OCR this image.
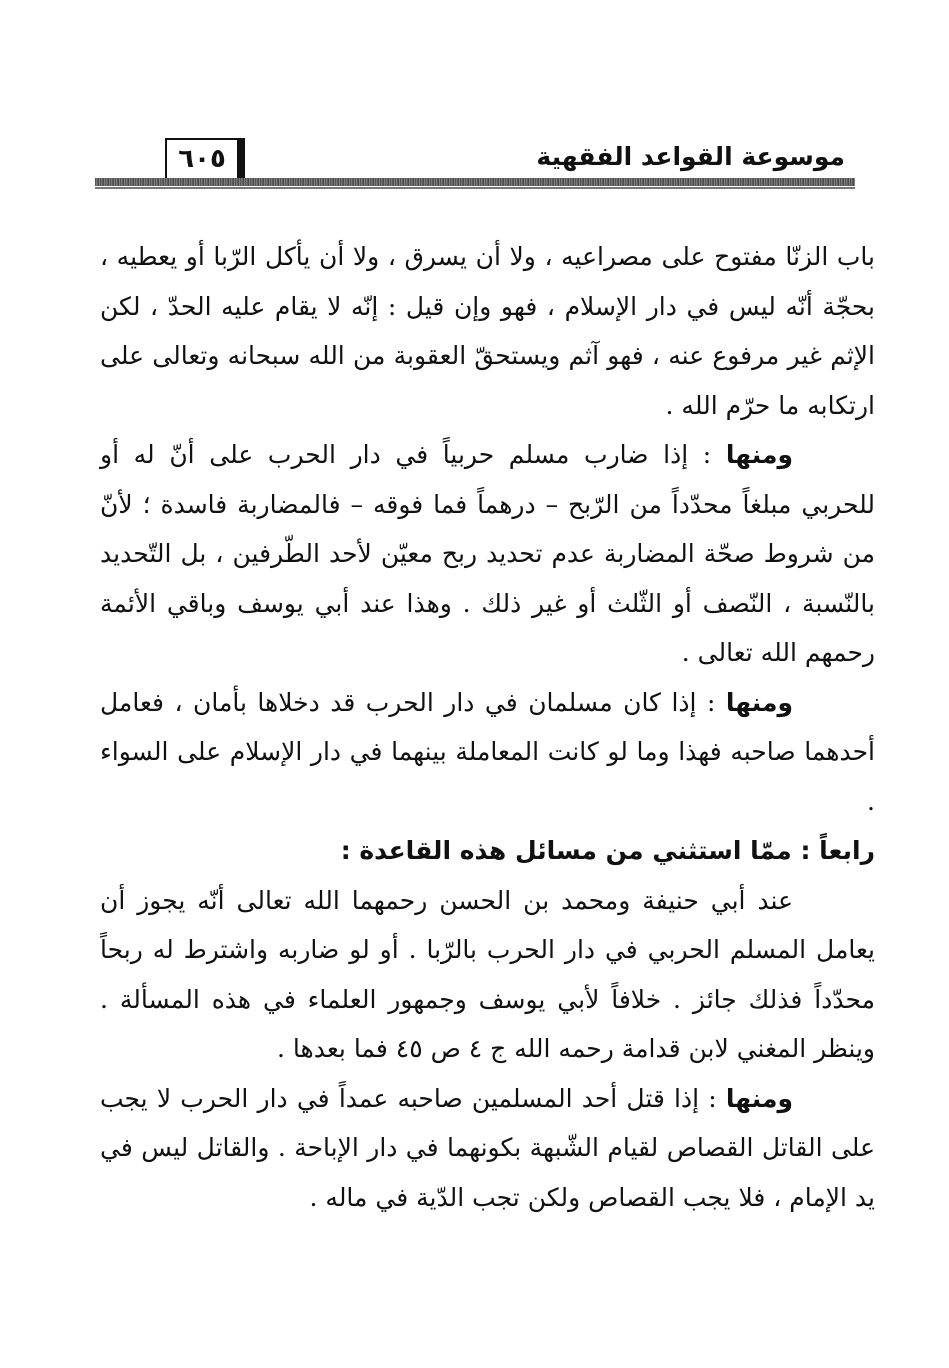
٦٠٥	موسوعة القواعد الفقهية

باب الزنّا مفتوح على مصراعيه ، ولا أن يسرق ، ولا أن يأكل الرّبا أو يعطيه ، بحجّة أنّه ليس في دار الإسلام ، فهو وإن قيل : إنّه لا يقام عليه الحدّ ، لكن الإثم غير مرفوع عنه ، فهو آثم ويستحقّ العقوبة من الله سبحانه وتعالى على ارتكابه ما حرّم الله .

ومنها : إذا ضارب مسلم حربياً في دار الحرب على أنّ له أو للحربي مبلغاً محدّداً من الرّبح – درهماً فما فوقه – فالمضاربة فاسدة ؛ لأنّ من شروط صحّة المضاربة عدم تحديد ربح معيّن لأحد الطّرفين ، بل التّحديد بالنّسبة ، النّصف أو الثّلث أو غير ذلك . وهذا عند أبي يوسف وباقي الأئمة رحمهم الله تعالى .

ومنها : إذا كان مسلمان في دار الحرب قد دخلاها بأمان ، فعامل أحدهما صاحبه فهذا وما لو كانت المعاملة بينهما في دار الإسلام على السواء .

رابعاً : ممّا استثني من مسائل هذه القاعدة :

عند أبي حنيفة ومحمد بن الحسن رحمهما الله تعالى أنّه يجوز أن يعامل المسلم الحربي في دار الحرب بالرّبا . أو لو ضاربه واشترط له ربحاً محدّداً فذلك جائز . خلافاً لأبي يوسف وجمهور العلماء في هذه المسألة . وينظر المغني لابن قدامة رحمه الله ج ٤ ص ٤٥ فما بعدها .

ومنها : إذا قتل أحد المسلمين صاحبه عمداً في دار الحرب لا يجب على القاتل القصاص لقيام الشّبهة بكونهما في دار الإباحة . والقاتل ليس في يد الإمام ، فلا يجب القصاص ولكن تجب الدّية في ماله .
